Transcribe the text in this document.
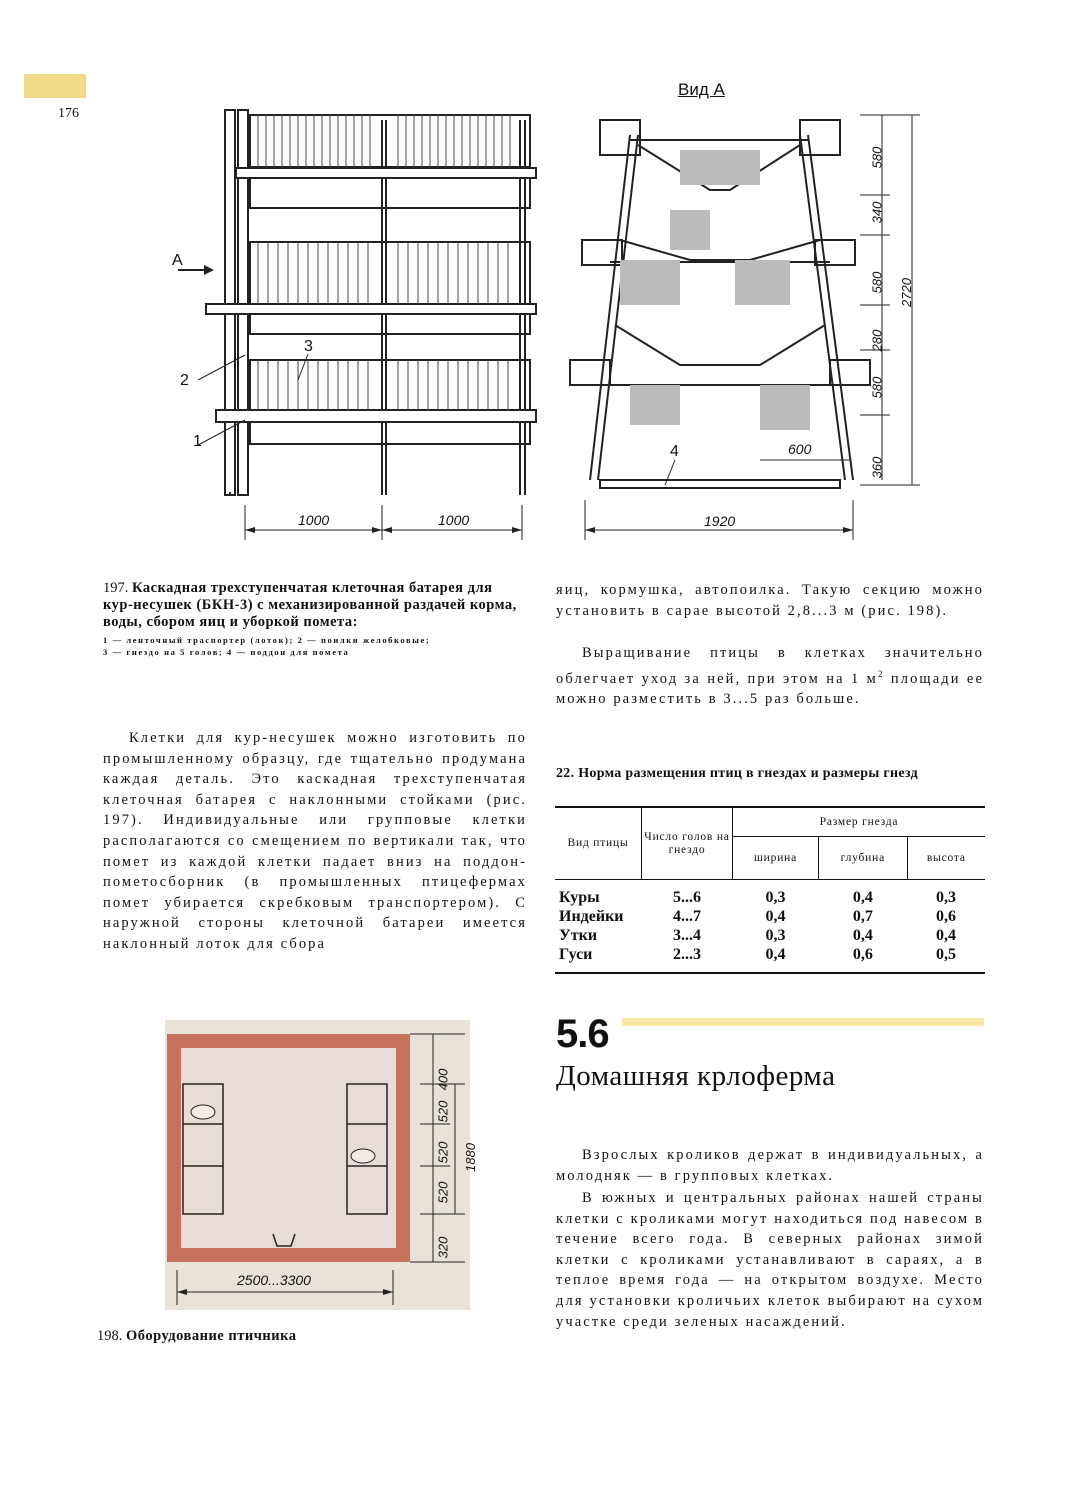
176
А
1
2
3
1000	1000
Вид А
580
340
580
280
580
360
2720
600
1920
4
197. Каскадная трехступенчатая клеточная батарея для кур-несушек (БКН-3) с механизированной раздачей корма, воды, сбором яиц и уборкой помета:
1 — ленточный траспортер (лоток); 2 — поилки желобковые;
3 — гнездо на 5 голов; 4 — поддон для помета

Клетки для кур-несушек можно изготовить по промышленному образцу, где тщательно продумана каждая деталь. Это каскадная трехступенчатая клеточная батарея с наклонными стойками (рис. 197). Индивидуальные или групповые клетки располагаются со смещением по вертикали так, что помет из каждой клетки падает вниз на поддон-пометосборник (в промышленных птицефермах помет убирается скребковым транспортером). С наружной стороны клеточной батареи имеется наклонный лоток для сбора

яиц, кормушка, автопоилка. Такую секцию можно установить в сарае высотой 2,8...3 м (рис. 198).

Выращивание птицы в клетках значительно облегчает уход за ней, при этом на 1 $м^2$ площади ее можно разместить в 3...5 раз больше.

22. Норма размещения птиц в гнездах и размеры гнезд
Вид птицы	Число голов на гнездо	Размер гнезда		
		ширина	глубина	высота

Куры	5...6	0,3	0,4	0,3
Индейки	4...7	0,4	0,7	0,6
Утки	3...4	0,3	0,4	0,4
Гуси	2...3	0,4	0,6	0,5
400
520
520
520
320
1880
2500...3300
198. Оборудование птичника
5.6
Домашняя крлоферма

Взрослых кроликов держат в индивидуальных, а молодняк — в групповых клетках.

В южных и центральных районах нашей страны клетки с кроликами могут находиться под навесом в течение всего года. В северных районах зимой клетки с кроликами устанавливают в сараях, а в теплое время года — на открытом воздухе. Место для установки кроличьих клеток выбирают на сухом участке среди зеленых насаждений.
